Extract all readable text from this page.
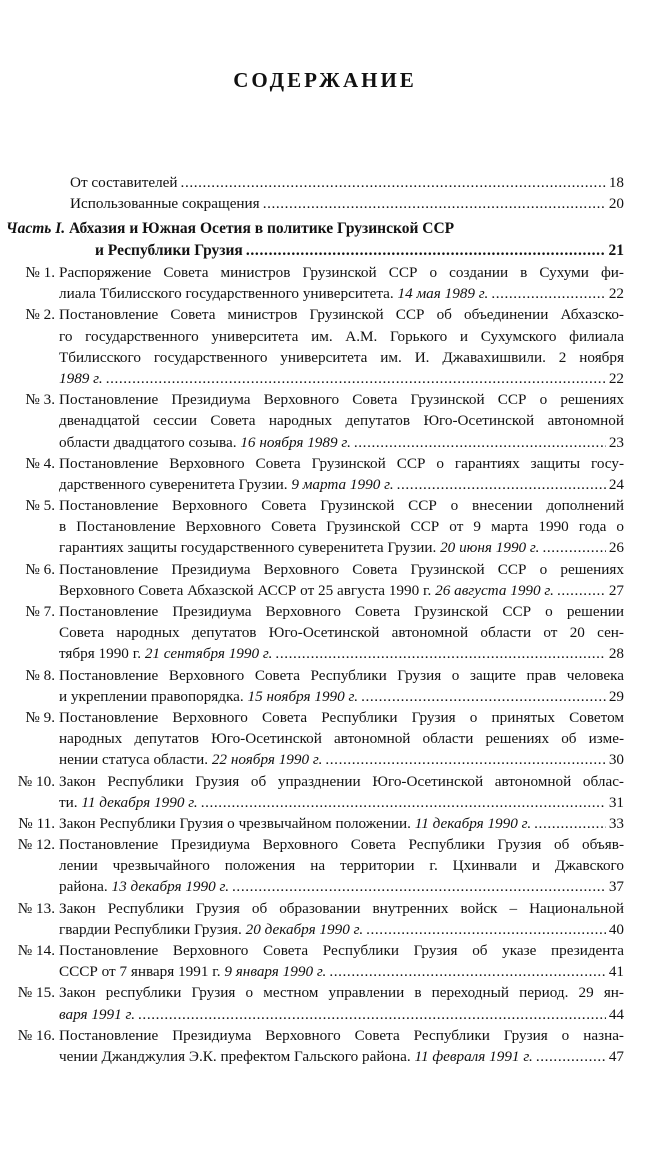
СОДЕРЖАНИЕ
От составителей . . .	18
Использованные сокращения . . .	20
Часть I. Абхазия и Южная Осетия в политике Грузинской ССР
и Республики Грузия . . .	21
№ 1. Распоряжение Совета министров Грузинской ССР о создании в Сухуми фи-
лиала Тбилисского государственного университета.
14 мая 1989 г. . . .	22
№ 2. Постановление Совета министров Грузинской ССР об объединении Абхазско-
го государственного университета им. А.М. Горького и Сухумского филиала
Тбилисского государственного университета им. И. Джавахишвили. 2 ноября
1989 г. . . .	22
№ 3. Постановление Президиума Верховного Совета Грузинской ССР о решениях
двенадцатой сессии Совета народных депутатов Юго-Осетинской автономной
области двадцатого созыва.
16 ноября 1989 г. . . .	23
№ 4. Постановление Верховного Совета Грузинской ССР о гарантиях защиты госу-
дарственного суверенитета Грузии.
9 марта 1990 г. . . .	24
№ 5. Постановление Верховного Совета Грузинской ССР о внесении дополнений
в Постановление Верховного Совета Грузинской ССР от 9 марта 1990 года о
гарантиях защиты государственного суверенитета Грузии.
20 июня 1990 г. . . .	26
№ 6. Постановление Президиума Верховного Совета Грузинской ССР о решениях
Верховного Совета Абхазской АССР от 25 августа 1990 г.
26 августа 1990 г. . . .	27
№ 7. Постановление Президиума Верховного Совета Грузинской ССР о решении
Совета народных депутатов Юго-Осетинской автономной области от 20 сен-
тября 1990 г.
21 сентября 1990 г. . . .	28
№ 8. Постановление Верховного Совета Республики Грузия о защите прав человека
и укреплении правопорядка.
15 ноября 1990 г. . . .	29
№ 9. Постановление Верховного Совета Республики Грузия о принятых Советом
народных депутатов Юго-Осетинской автономной области решениях об изме-
нении статуса области.
22 ноября 1990 г. . . .	30
№ 10. Закон Республики Грузия об упразднении Юго-Осетинской автономной облас-
ти.
11 декабря 1990 г. . . .	31
№ 11. Закон Республики Грузия о чрезвычайном положении.
11 декабря 1990 г. . . .	33
№ 12. Постановление Президиума Верховного Совета Республики Грузия об объяв-
лении чрезвычайного положения на территории г. Цхинвали и Джавского
района.
13 декабря 1990 г. . . .	37
№ 13. Закон Республики Грузия об образовании внутренних войск – Национальной
гвардии Республики Грузия.
20 декабря 1990 г. . . .	40
№ 14. Постановление Верховного Совета Республики Грузия об указе президента
СССР от 7 января 1991 г.
9 января 1990 г. . . .	41
№ 15. Закон республики Грузия о местном управлении в переходный период. 29 ян-
варя 1991 г. . . .	44
№ 16. Постановление Президиума Верховного Совета Республики Грузия о назна-
чении Джанджулия Э.К. префектом Гальского района.
11 февраля 1991 г. . . .	47
